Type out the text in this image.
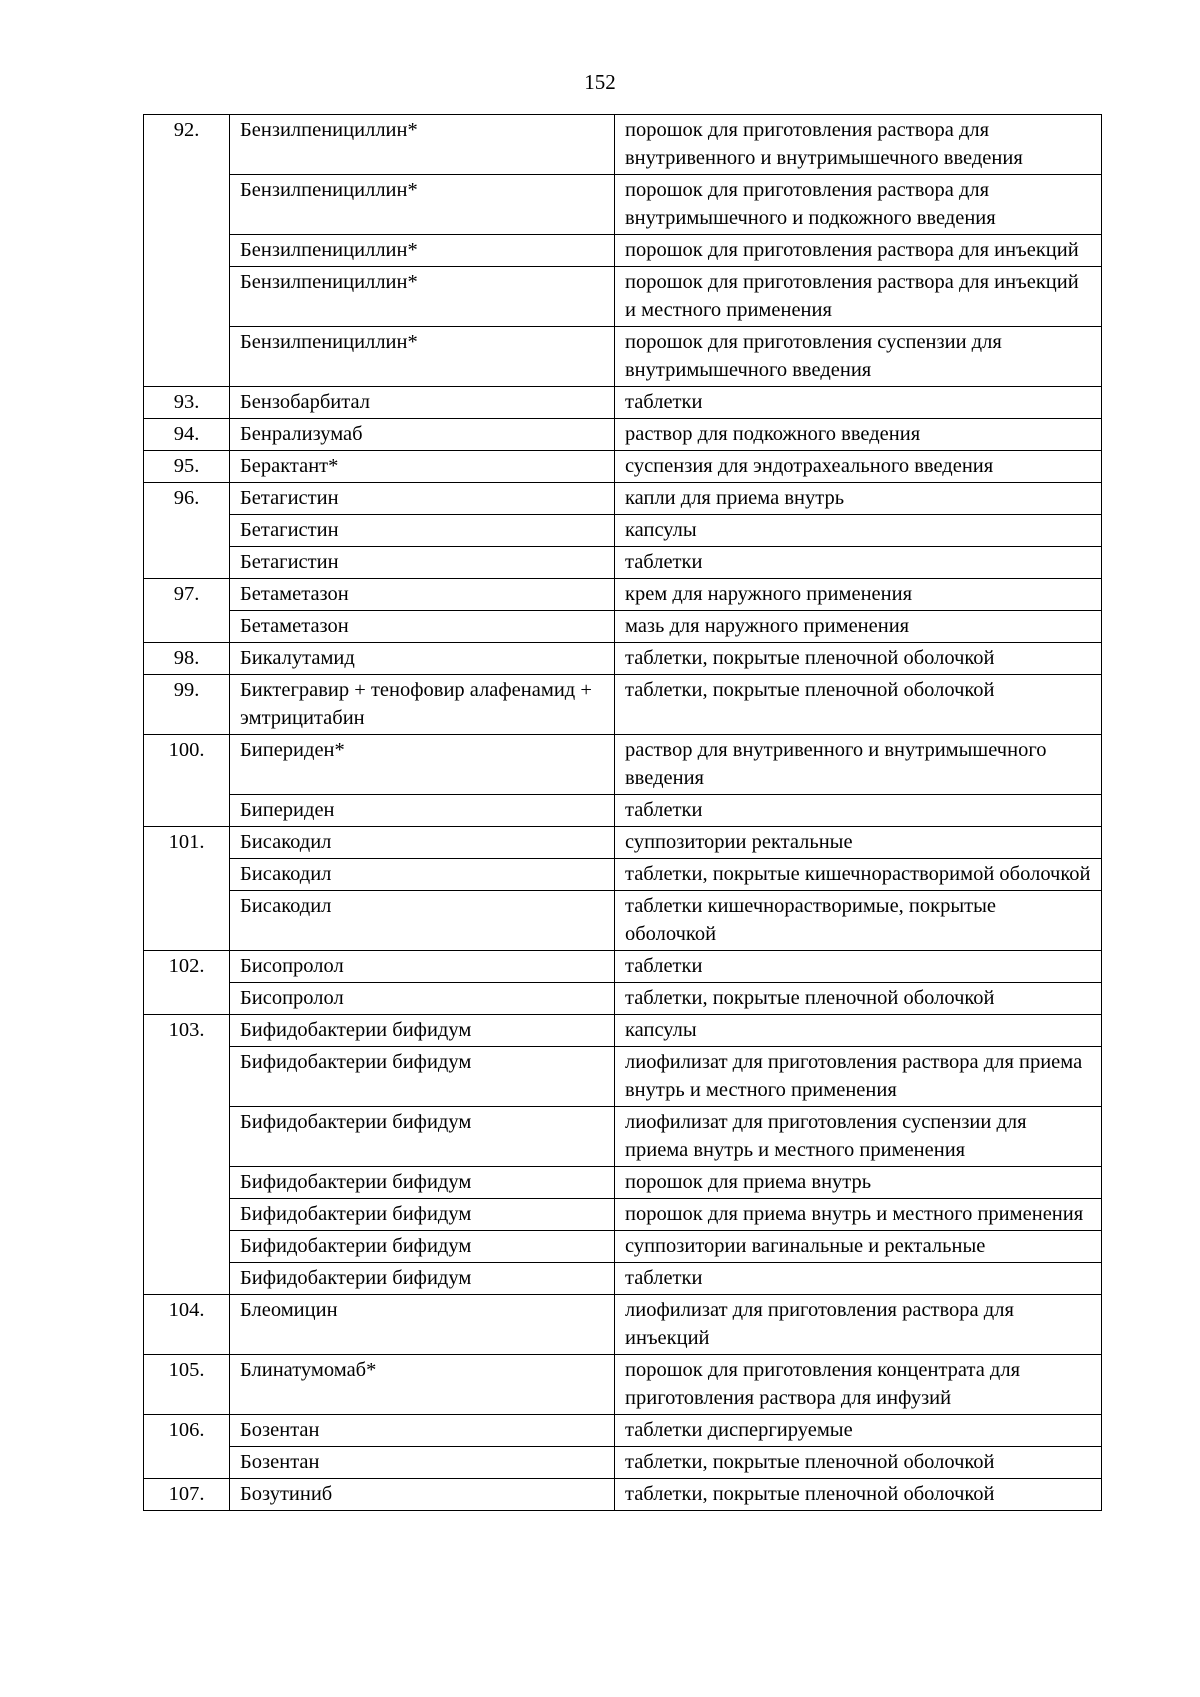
152
92.	Бензилпенициллин*	порошок для приготовления раствора для внутривенного и внутримышечного введения
	Бензилпенициллин*	порошок для приготовления раствора для внутримышечного и подкожного введения
	Бензилпенициллин*	порошок для приготовления раствора для инъекций
	Бензилпенициллин*	порошок для приготовления раствора для инъекций и местного применения
	Бензилпенициллин*	порошок для приготовления суспензии для внутримышечного введения
93.	Бензобарбитал	таблетки
94.	Бенрализумаб	раствор для подкожного введения
95.	Берактант*	суспензия для эндотрахеального введения
96.	Бетагистин	капли для приема внутрь
	Бетагистин	капсулы
	Бетагистин	таблетки
97.	Бетаметазон	крем для наружного применения
	Бетаметазон	мазь для наружного применения
98.	Бикалутамид	таблетки, покрытые пленочной оболочкой
99.	Биктегравир + тенофовир алафенамид + эмтрицитабин	таблетки, покрытые пленочной оболочкой
100.	Бипериден*	раствор для внутривенного и внутримышечного введения
	Бипериден	таблетки
101.	Бисакодил	суппозитории ректальные
	Бисакодил	таблетки, покрытые кишечнорастворимой оболочкой
	Бисакодил	таблетки кишечнорастворимые, покрытые оболочкой
102.	Бисопролол	таблетки
	Бисопролол	таблетки, покрытые пленочной оболочкой
103.	Бифидобактерии бифидум	капсулы
	Бифидобактерии бифидум	лиофилизат для приготовления раствора для приема внутрь и местного применения
	Бифидобактерии бифидум	лиофилизат для приготовления суспензии для приема внутрь и местного применения
	Бифидобактерии бифидум	порошок для приема внутрь
	Бифидобактерии бифидум	порошок для приема внутрь и местного применения
	Бифидобактерии бифидум	суппозитории вагинальные и ректальные
	Бифидобактерии бифидум	таблетки
104.	Блеомицин	лиофилизат для приготовления раствора для инъекций
105.	Блинатумомаб*	порошок для приготовления концентрата для приготовления раствора для инфузий
106.	Бозентан	таблетки диспергируемые
	Бозентан	таблетки, покрытые пленочной оболочкой
107.	Бозутиниб	таблетки, покрытые пленочной оболочкой
